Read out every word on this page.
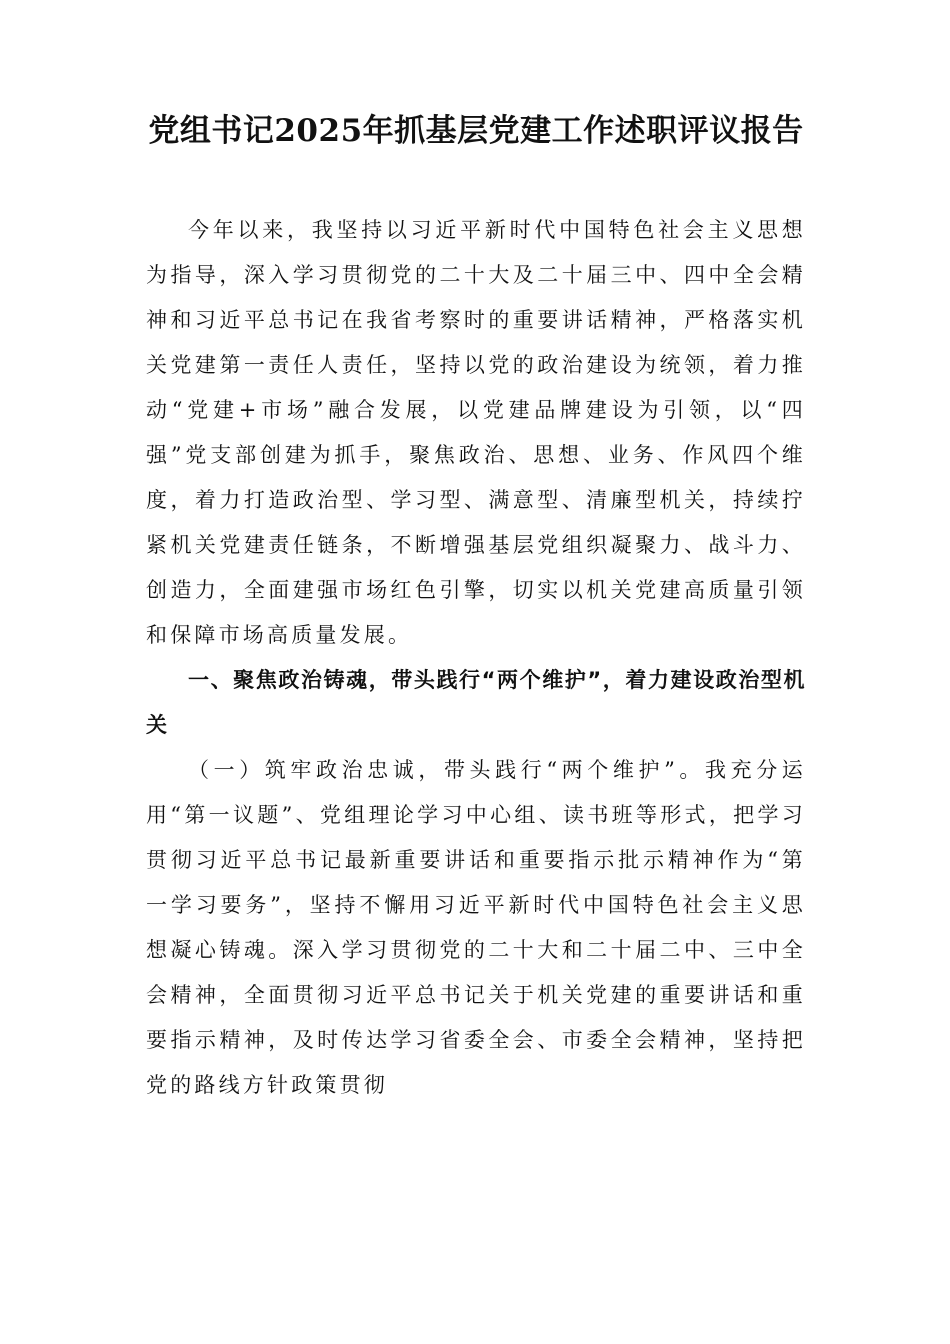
党组书记2025年抓基层党建工作述职评议报告

今年以来，我坚持以习近平新时代中国特色社会主义思想为指导，深入学习贯彻党的二十大及二十届三中、四中全会精神和习近平总书记在我省考察时的重要讲话精神，严格落实机关党建第一责任人责任，坚持以党的政治建设为统领，着力推动“党建+市场”融合发展，以党建品牌建设为引领，以“四强”党支部创建为抓手，聚焦政治、思想、业务、作风四个维度，着力打造政治型、学习型、满意型、清廉型机关，持续拧紧机关党建责任链条，不断增强基层党组织凝聚力、战斗力、创造力，全面建强市场红色引擎，切实以机关党建高质量引领和保障市场高质量发展。

一、聚焦政治铸魂，带头践行“两个维护”，着力建设政治型机关

（一）筑牢政治忠诚，带头践行“两个维护”。我充分运用“第一议题”、党组理论学习中心组、读书班等形式，把学习贯彻习近平总书记最新重要讲话和重要指示批示精神作为“第一学习要务”，坚持不懈用习近平新时代中国特色社会主义思想凝心铸魂。深入学习贯彻党的二十大和二十届二中、三中全会精神，全面贯彻习近平总书记关于机关党建的重要讲话和重要指示精神，及时传达学习省委全会、市委全会精神，坚持把党的路线方针政策贯彻
